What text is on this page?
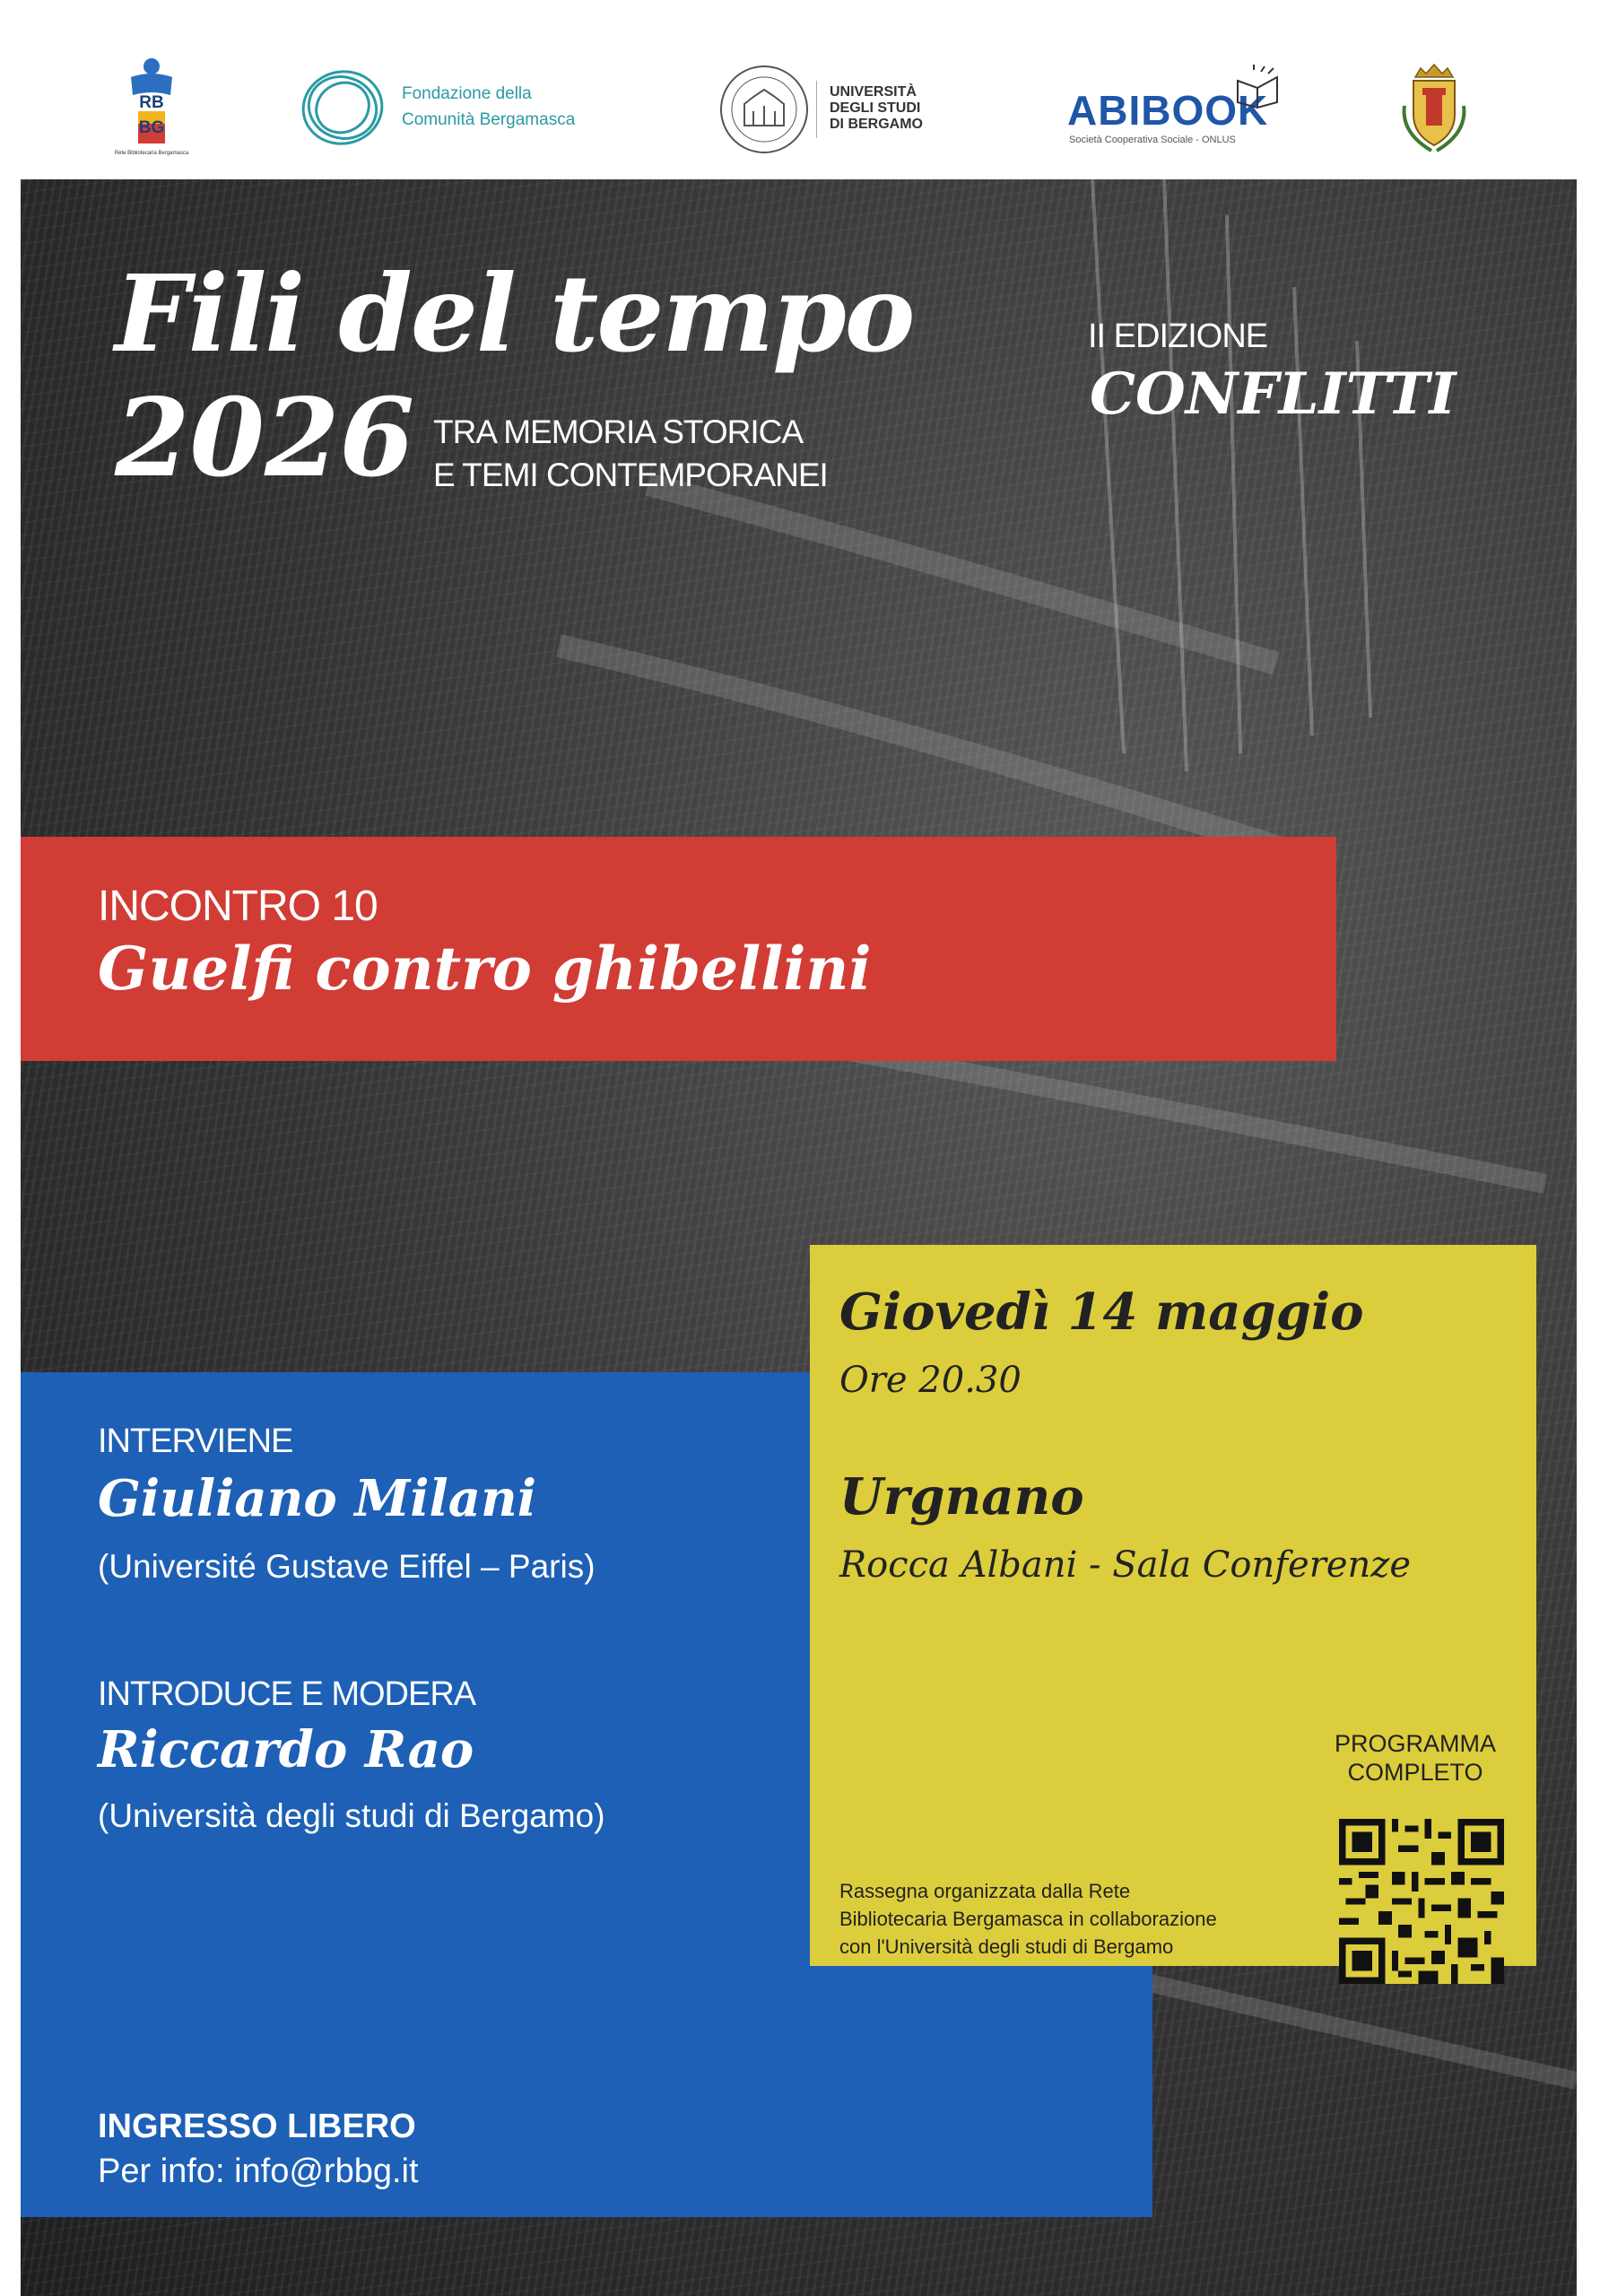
RB
BG
Rete Bibliotecaria Bergamasca
Fondazione della
Comunità Bergamasca
UNIVERSITÀ
DEGLI STUDI
DI BERGAMO	ABIBOOK
Società Cooperativa Sociale - ONLUS
Fili del tempo
2026 TRA MEMORIA STORICA
E TEMI CONTEMPORANEI
II EDIZIONE
CONFLITTI
INCONTRO 10
Guelfi contro ghibellini
INTERVIENE
Giuliano Milani
(Université Gustave Eiffel – Paris)
INTRODUCE E MODERA
Riccardo Rao
(Università degli studi di Bergamo)
INGRESSO LIBERO
Per info: info@rbbg.it
Giovedì 14 maggio
Ore 20.30
Urgnano
Rocca Albani - Sala Conferenze
PROGRAMMA
COMPLETO
Rassegna organizzata dalla Rete
Bibliotecaria Bergamasca in collaborazione
con l'Università degli studi di Bergamo
